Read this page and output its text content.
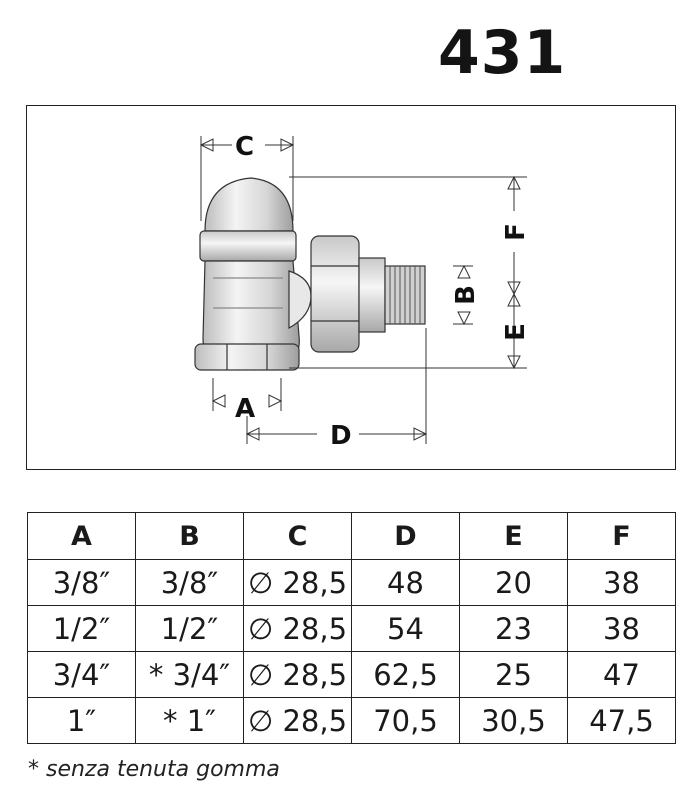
431
C
A
D
B
F
E
A	B	C	D	E	F
3/8″	3/8″	∅ 28,5	48	20	38
1/2″	1/2″	∅ 28,5	54	23	38
3/4″	* 3/4″	∅ 28,5	62,5	25	47
1″	* 1″	∅ 28,5	70,5	30,5	47,5
* senza tenuta gomma
